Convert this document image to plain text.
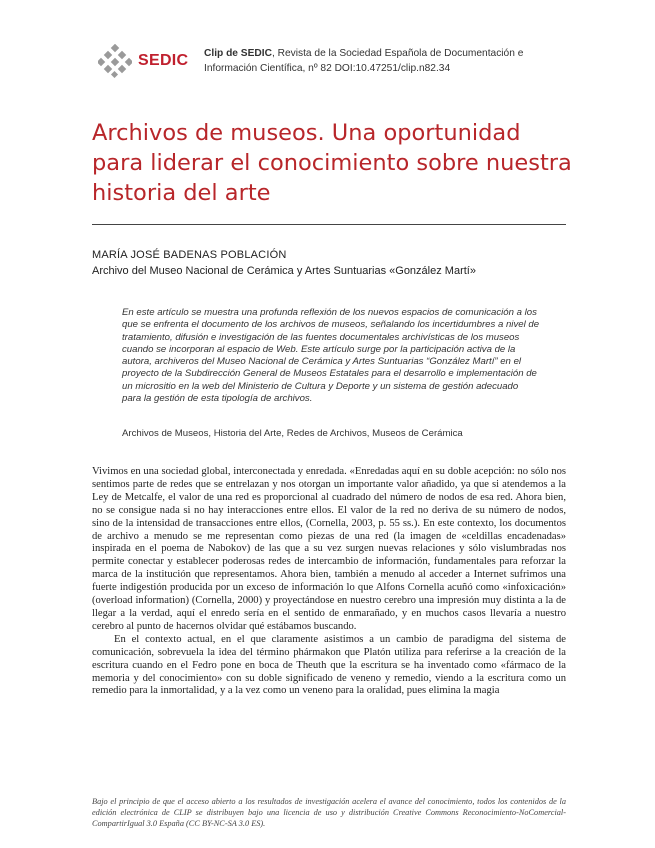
SEDIC Clip de SEDIC, Revista de la Sociedad Española de Documentación e
Información Científica, nº 82 DOI:10.47251/clip.n82.34
Archivos de museos. Una oportunidad para liderar el conocimiento sobre nuestra historia del arte
MARÍA JOSÉ BADENAS POBLACIÓN
Archivo del Museo Nacional de Cerámica y Artes Suntuarias «González Martí»

En este artículo se muestra una profunda reflexión de los nuevos espacios de comunicación a los que se enfrenta el documento de los archivos de museos, señalando los incertidumbres a nivel de tratamiento, difusión e investigación de las fuentes documentales archivísticas de los museos cuando se incorporan al espacio de Web. Este artículo surge por la participación activa de la autora, archiveros del Museo Nacional de Cerámica y Artes Suntuarias “González Martí” en el proyecto de la Subdirección General de Museos Estatales para el desarrollo e implementación de un micrositio en la web del Ministerio de Cultura y Deporte y un sistema de gestión adecuado para la gestión de esta tipología de archivos.

Archivos de Museos, Historia del Arte, Redes de Archivos, Museos de Cerámica

Vivimos en una sociedad global, interconectada y enredada. «Enredadas aquí en su doble acepción: no sólo nos sentimos parte de redes que se entrelazan y nos otorgan un importante valor añadido, ya que si atendemos a la Ley de Metcalfe, el valor de una red es proporcional al cuadrado del número de nodos de esa red. Ahora bien, no se consigue nada si no hay interacciones entre ellos. El valor de la red no deriva de su número de nodos, sino de la intensidad de transacciones entre ellos, (Cornella, 2003, p. 55 ss.). En este contexto, los documentos de archivo a menudo se me representan como piezas de una red (la imagen de «celdillas encadenadas» inspirada en el poema de Nabokov) de las que a su vez surgen nuevas relaciones y sólo vislumbradas nos permite conectar y establecer poderosas redes de intercambio de información, fundamentales para reforzar la marca de la institución que representamos. Ahora bien, también a menudo al acceder a Internet sufrimos una fuerte indigestión producida por un exceso de información lo que Alfons Cornella acuñó como «infoxicación» (overload information) (Cornella, 2000) y proyectándose en nuestro cerebro una impresión muy distinta a la de llegar a la verdad, aquí el enredo sería en el sentido de enmarañado, y en muchos casos llevaría a nuestro cerebro al punto de hacernos olvidar qué estábamos buscando.

En el contexto actual, en el que claramente asistimos a un cambio de paradigma del sistema de comunicación, sobrevuela la idea del término phármakon que Platón utiliza para referirse a la creación de la escritura cuando en el Fedro pone en boca de Theuth que la escritura se ha inventado como «fármaco de la memoria y del conocimiento» con su doble significado de veneno y remedio, viendo a la escritura como un remedio para la inmortalidad, y a la vez como un veneno para la oralidad, pues elimina la magia

Bajo el principio de que el acceso abierto a los resultados de investigación acelera el avance del conocimiento, todos los contenidos de la edición electrónica de CLIP se distribuyen bajo una licencia de uso y distribución Creative Commons Reconocimiento-NoComercial-CompartirIgual 3.0 España (CC BY-NC-SA 3.0 ES).
